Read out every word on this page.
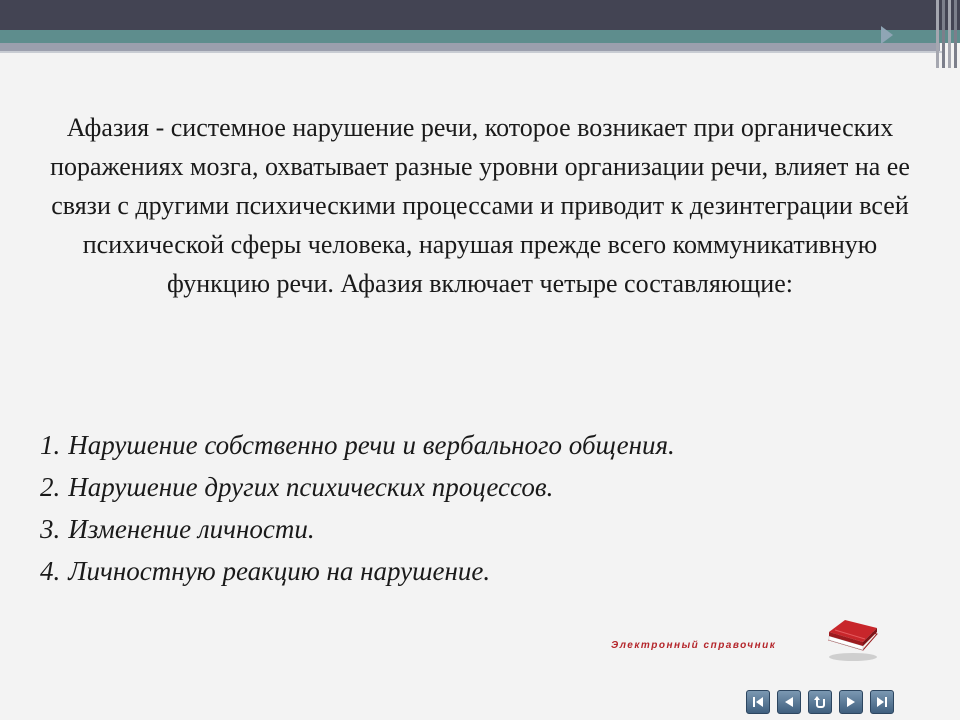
Афазия - системное нарушение речи, которое возникает при органических поражениях мозга, охватывает разные уровни организации речи, влияет на ее связи с другими психическими процессами и приводит к дезинтеграции всей психической сферы человека, нарушая прежде всего коммуникативную функцию речи. Афазия включает четыре составляющие:

1. Нарушение собственно речи и вербального общения.
2. Нарушение других психических процессов.
3. Изменение личности.
4. Личностную реакцию на нарушение.
Электронный справочник
